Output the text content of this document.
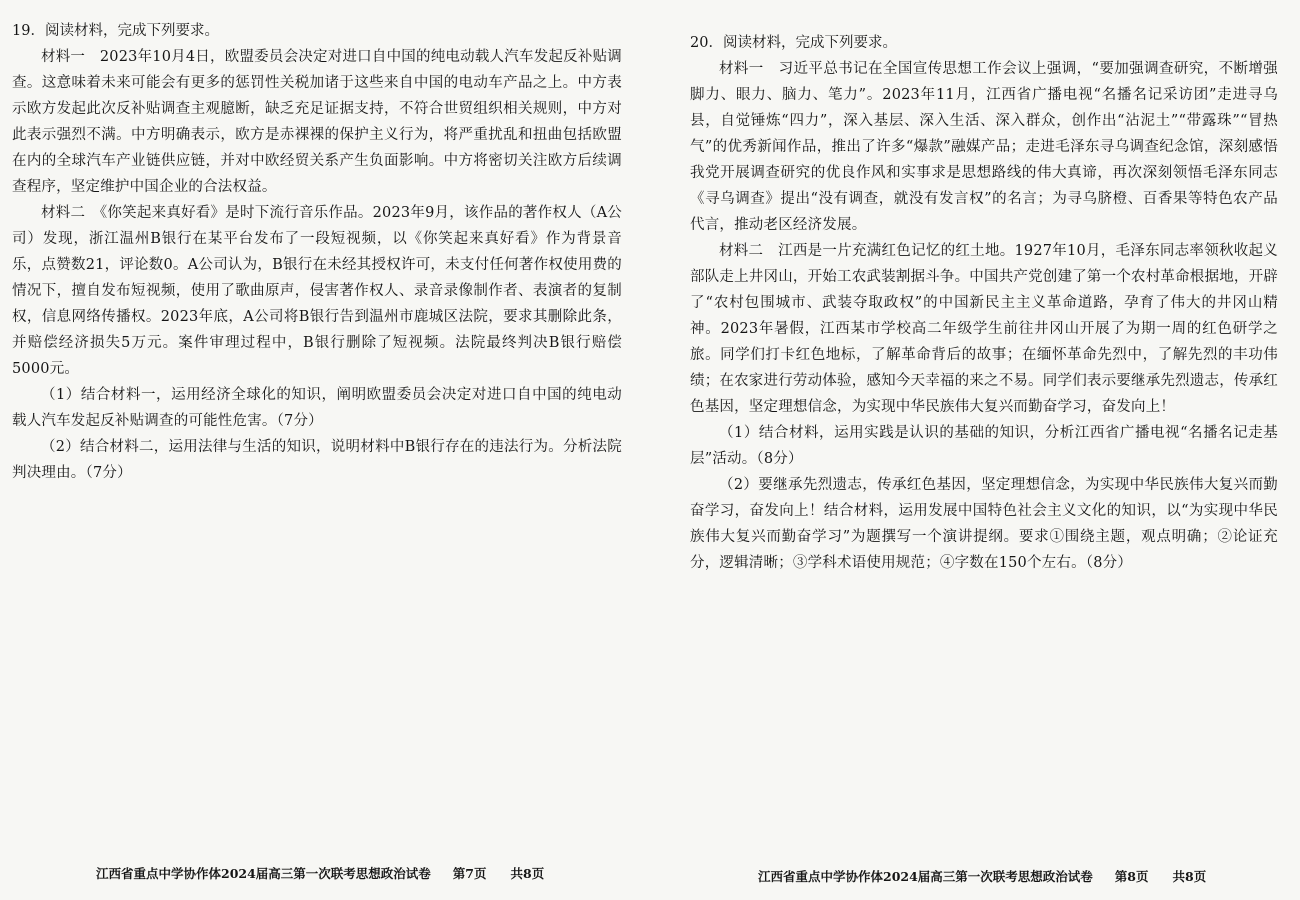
19．阅读材料，完成下列要求。

材料一　2023年10月4日，欧盟委员会决定对进口自中国的纯电动载人汽车发起反补贴调查。这意味着未来可能会有更多的惩罚性关税加诸于这些来自中国的电动车产品之上。中方表示欧方发起此次反补贴调查主观臆断，缺乏充足证据支持，不符合世贸组织相关规则，中方对此表示强烈不满。中方明确表示，欧方是赤裸裸的保护主义行为，将严重扰乱和扭曲包括欧盟在内的全球汽车产业链供应链，并对中欧经贸关系产生负面影响。中方将密切关注欧方后续调查程序，坚定维护中国企业的合法权益。

材料二　《你笑起来真好看》是时下流行音乐作品。2023年9月，该作品的著作权人（A公司）发现，浙江温州B银行在某平台发布了一段短视频，以《你笑起来真好看》作为背景音乐，点赞数21，评论数0。A公司认为，B银行在未经其授权许可，未支付任何著作权使用费的情况下，擅自发布短视频，使用了歌曲原声，侵害著作权人、录音录像制作者、表演者的复制权，信息网络传播权。2023年底，A公司将B银行告到温州市鹿城区法院，要求其删除此条，并赔偿经济损失5万元。案件审理过程中，B银行删除了短视频。法院最终判决B银行赔偿5000元。

（1）结合材料一，运用经济全球化的知识，阐明欧盟委员会决定对进口自中国的纯电动载人汽车发起反补贴调查的可能性危害。（7分）

（2）结合材料二，运用法律与生活的知识，说明材料中B银行存在的违法行为。分析法院判决理由。（7分）

20．阅读材料，完成下列要求。

材料一　习近平总书记在全国宣传思想工作会议上强调，“要加强调查研究，不断增强脚力、眼力、脑力、笔力”。2023年11月，江西省广播电视“名播名记采访团”走进寻乌县，自觉锤炼“四力”，深入基层、深入生活、深入群众，创作出“沾泥土”“带露珠”“冒热气”的优秀新闻作品，推出了许多“爆款”融媒产品；走进毛泽东寻乌调查纪念馆，深刻感悟我党开展调查研究的优良作风和实事求是思想路线的伟大真谛，再次深刻领悟毛泽东同志《寻乌调查》提出“没有调查，就没有发言权”的名言；为寻乌脐橙、百香果等特色农产品代言，推动老区经济发展。

材料二　江西是一片充满红色记忆的红土地。1927年10月，毛泽东同志率领秋收起义部队走上井冈山，开始工农武装割据斗争。中国共产党创建了第一个农村革命根据地，开辟了“农村包围城市、武装夺取政权”的中国新民主主义革命道路，孕育了伟大的井冈山精神。2023年暑假，江西某市学校高二年级学生前往井冈山开展了为期一周的红色研学之旅。同学们打卡红色地标，了解革命背后的故事；在缅怀革命先烈中，了解先烈的丰功伟绩；在农家进行劳动体验，感知今天幸福的来之不易。同学们表示要继承先烈遗志，传承红色基因，坚定理想信念，为实现中华民族伟大复兴而勤奋学习，奋发向上！

（1）结合材料，运用实践是认识的基础的知识，分析江西省广播电视“名播名记走基层”活动。（8分）

（2）要继承先烈遗志，传承红色基因，坚定理想信念，为实现中华民族伟大复兴而勤奋学习，奋发向上！结合材料，运用发展中国特色社会主义文化的知识，以“为实现中华民族伟大复兴而勤奋学习”为题撰写一个演讲提纲。要求①围绕主题，观点明确；②论证充分，逻辑清晰；③学科术语使用规范；④字数在150个左右。（8分）

江西省重点中学协作体2024届高三第一次联考思想政治试卷 第7页 共8页	江西省重点中学协作体2024届高三第一次联考思想政治试卷 第8页 共8页
